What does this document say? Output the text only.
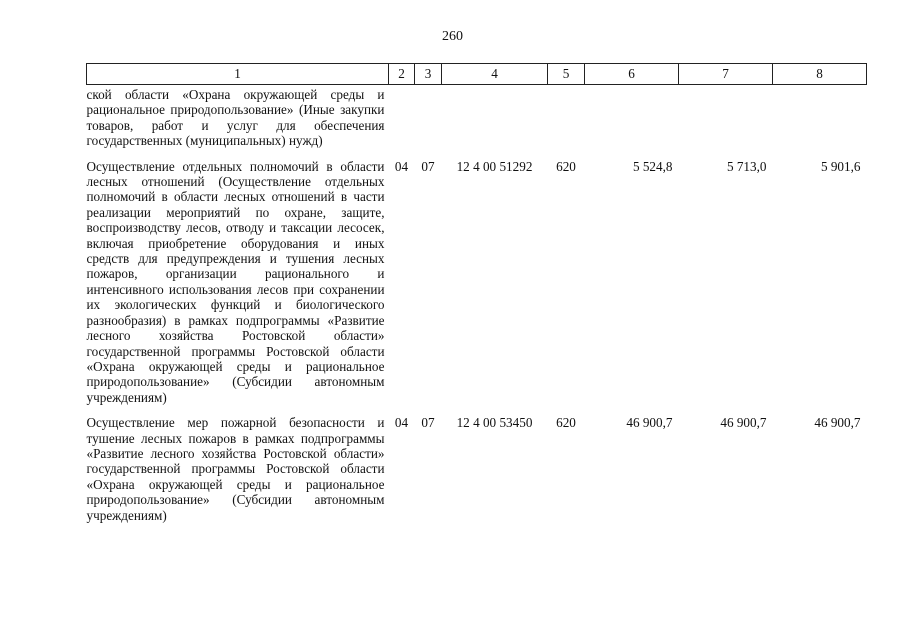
260
1	2	3	4	5	6	7	8
ской области «Охрана окружающей среды и рациональное природопользование» (Иные закупки товаров, работ и услуг для обеспечения государственных (муниципальных) нужд)							
Осуществление отдельных полномочий в области лесных отношений (Осуществление отдельных полномочий в области лесных отношений в части реализации мероприятий по охране, защите, воспроизводству лесов, отводу и таксации лесосек, включая приобретение оборудования и иных средств для предупреждения и тушения лесных пожаров, организации рационального и интенсивного использования лесов при сохранении их экологических функций и биологического разнообразия) в рамках подпрограммы «Развитие лесного хозяйства Ростовской области» государственной программы Ростовской области «Охрана окружающей среды и рациональное природопользование» (Субсидии автономным учреждениям)	04	07	12 4 00 51292	620	5 524,8	5 713,0	5 901,6
Осуществление мер пожарной безопасности и тушение лесных пожаров в рамках подпрограммы «Развитие лесного хозяйства Ростовской области» государственной программы Ростовской области «Охрана окружающей среды и рациональное природопользование» (Субсидии автономным учреждениям)	04	07	12 4 00 53450	620	46 900,7	46 900,7	46 900,7
